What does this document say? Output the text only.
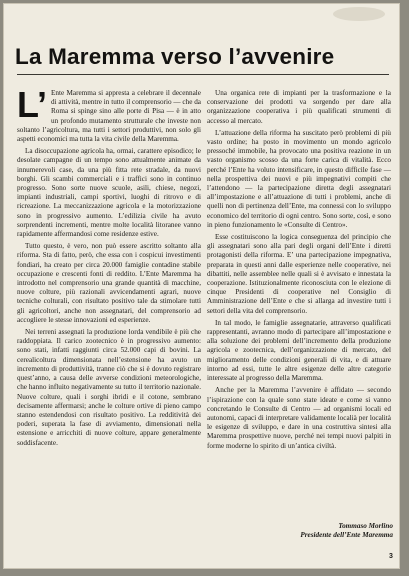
La Maremma verso l’avvenire

L’ Ente Maremma si appresta a celebrare il decennale di attività, mentre in tutto il comprensorio — che da Roma si spinge sino alle porte di Pisa — è in atto un profondo mutamento strutturale che investe non soltanto l’agricoltura, ma tutti i settori produttivi, non solo gli aspetti economici ma tutta la vita civile della Maremma.

La disoccupazione agricola ha, ormai, carattere episodico; le desolate campagne di un tempo sono attualmente animate da innumerevoli case, da una più fitta rete stradale, da nuovi borghi. Gli scambi commerciali e i traffici sono in continuo progresso. Sono sorte nuove scuole, asili, chiese, negozi, impianti industriali, campi sportivi, luoghi di ritrovo e di ricreazione. La meccanizzazione agricola e la motorizzazione sono in progressivo aumento. L’edilizia civile ha avuto sorprendenti incrementi, mentre molte località litoranee vanno rapidamente affermandosi come residenze estive.

Tutto questo, è vero, non può essere ascritto soltanto alla riforma. Sta di fatto, però, che essa con i cospicui investimenti fondiari, ha creato per circa 20.000 famiglie contadine stabile occupazione e crescenti fonti di reddito. L’Ente Maremma ha introdotto nel comprensorio una grande quantità di macchine, nuove colture, più razionali avvicendamenti agrari, nuove tecniche colturali, con risultato positivo tale da stimolare tutti gli agricoltori, anche non assegnatari, del comprensorio ad accogliere le stesse innovazioni ed esperienze.

Nei terreni assegnati la produzione lorda vendibile è più che raddoppiata. Il carico zootecnico è in progressivo aumento: sono stati, infatti raggiunti circa 52.000 capi di bovini. La cerealicoltura dimensionata nell’estensione ha avuto un incremento di produttività, tranne ciò che si è dovuto registrare quest’anno, a causa delle avverse condizioni meteorologiche, che hanno influito negativamente su tutto il territorio nazionale. Nuove colture, quali i sorghi ibridi e il cotone, sembrano decisamente affermarsi; anche le colture ortive di pieno campo stanno estendendosi con risultato positivo. La redditività dei poderi, superata la fase di avviamento, dimensionati nella estensione e arricchiti di nuove colture, appare generalmente soddisfacente.

Una organica rete di impianti per la trasformazione e la conservazione dei prodotti va sorgendo per dare alla organizzazione cooperativa i più qualificati strumenti di accesso al mercato.

L’attuazione della riforma ha suscitato però problemi di più vasto ordine; ha posto in movimento un mondo agricolo pressoché immobile, ha provocato una positiva reazione in un vasto organismo scosso da una forte carica di vitalità. Ecco perché l’Ente ha voluto intensificare, in questo difficile fase — nella prospettiva dei nuovi e più impegnativi compiti che l’attendono — la partecipazione diretta degli assegnatari all’impostazione e all’attuazione di tutti i problemi, anche di quelli non di pertinenza dell’Ente, ma connessi con lo sviluppo economico del territorio di ogni centro. Sono sorte, così, e sono in pieno funzionamento le «Consulte di Centro».

Esse costituiscono la logica conseguenza del principio che gli assegnatari sono alla pari degli organi dell’Ente i diretti protagonisti della riforma. E’ una partecipazione impegnativa, preparata in questi anni dalle esperienze nelle cooperative, nei dibattiti, nelle assemblee nelle quali si è avvisato e innestata la cooperazione. Istituzionalmente riconosciuta con le elezione di cinque Presidenti di cooperative nel Consiglio di Amministrazione dell’Ente e che si allarga ad investire tutti i settori della vita del comprensorio.

In tal modo, le famiglie assegnatarie, attraverso qualificati rappresentanti, avranno modo di partecipare all’impostazione e alla soluzione dei problemi dell’incremento della produzione agricola e zootecnica, dell’organizzazione di mercato, del miglioramento delle condizioni generali di vita, e di attuare intorno ad essi, tutte le altre esigenze delle altre categorie interessate al progresso della Maremma.

Anche per la Maremma l’avvenire è affidato — secondo l’ispirazione con la quale sono state ideate e come si vanno concretando le Consulte di Centro — ad organismi locali ed autonomi, capaci di interpretare validamente localià per località le esigenze di sviluppo, e dare in una costruttiva sintesi alla Maremma prospettive nuove, perché nei tempi nuovi palpiti in forme moderne lo spirito di un’antica civiltà.

Tommaso Morlino
Presidente dell’Ente Maremma
3
